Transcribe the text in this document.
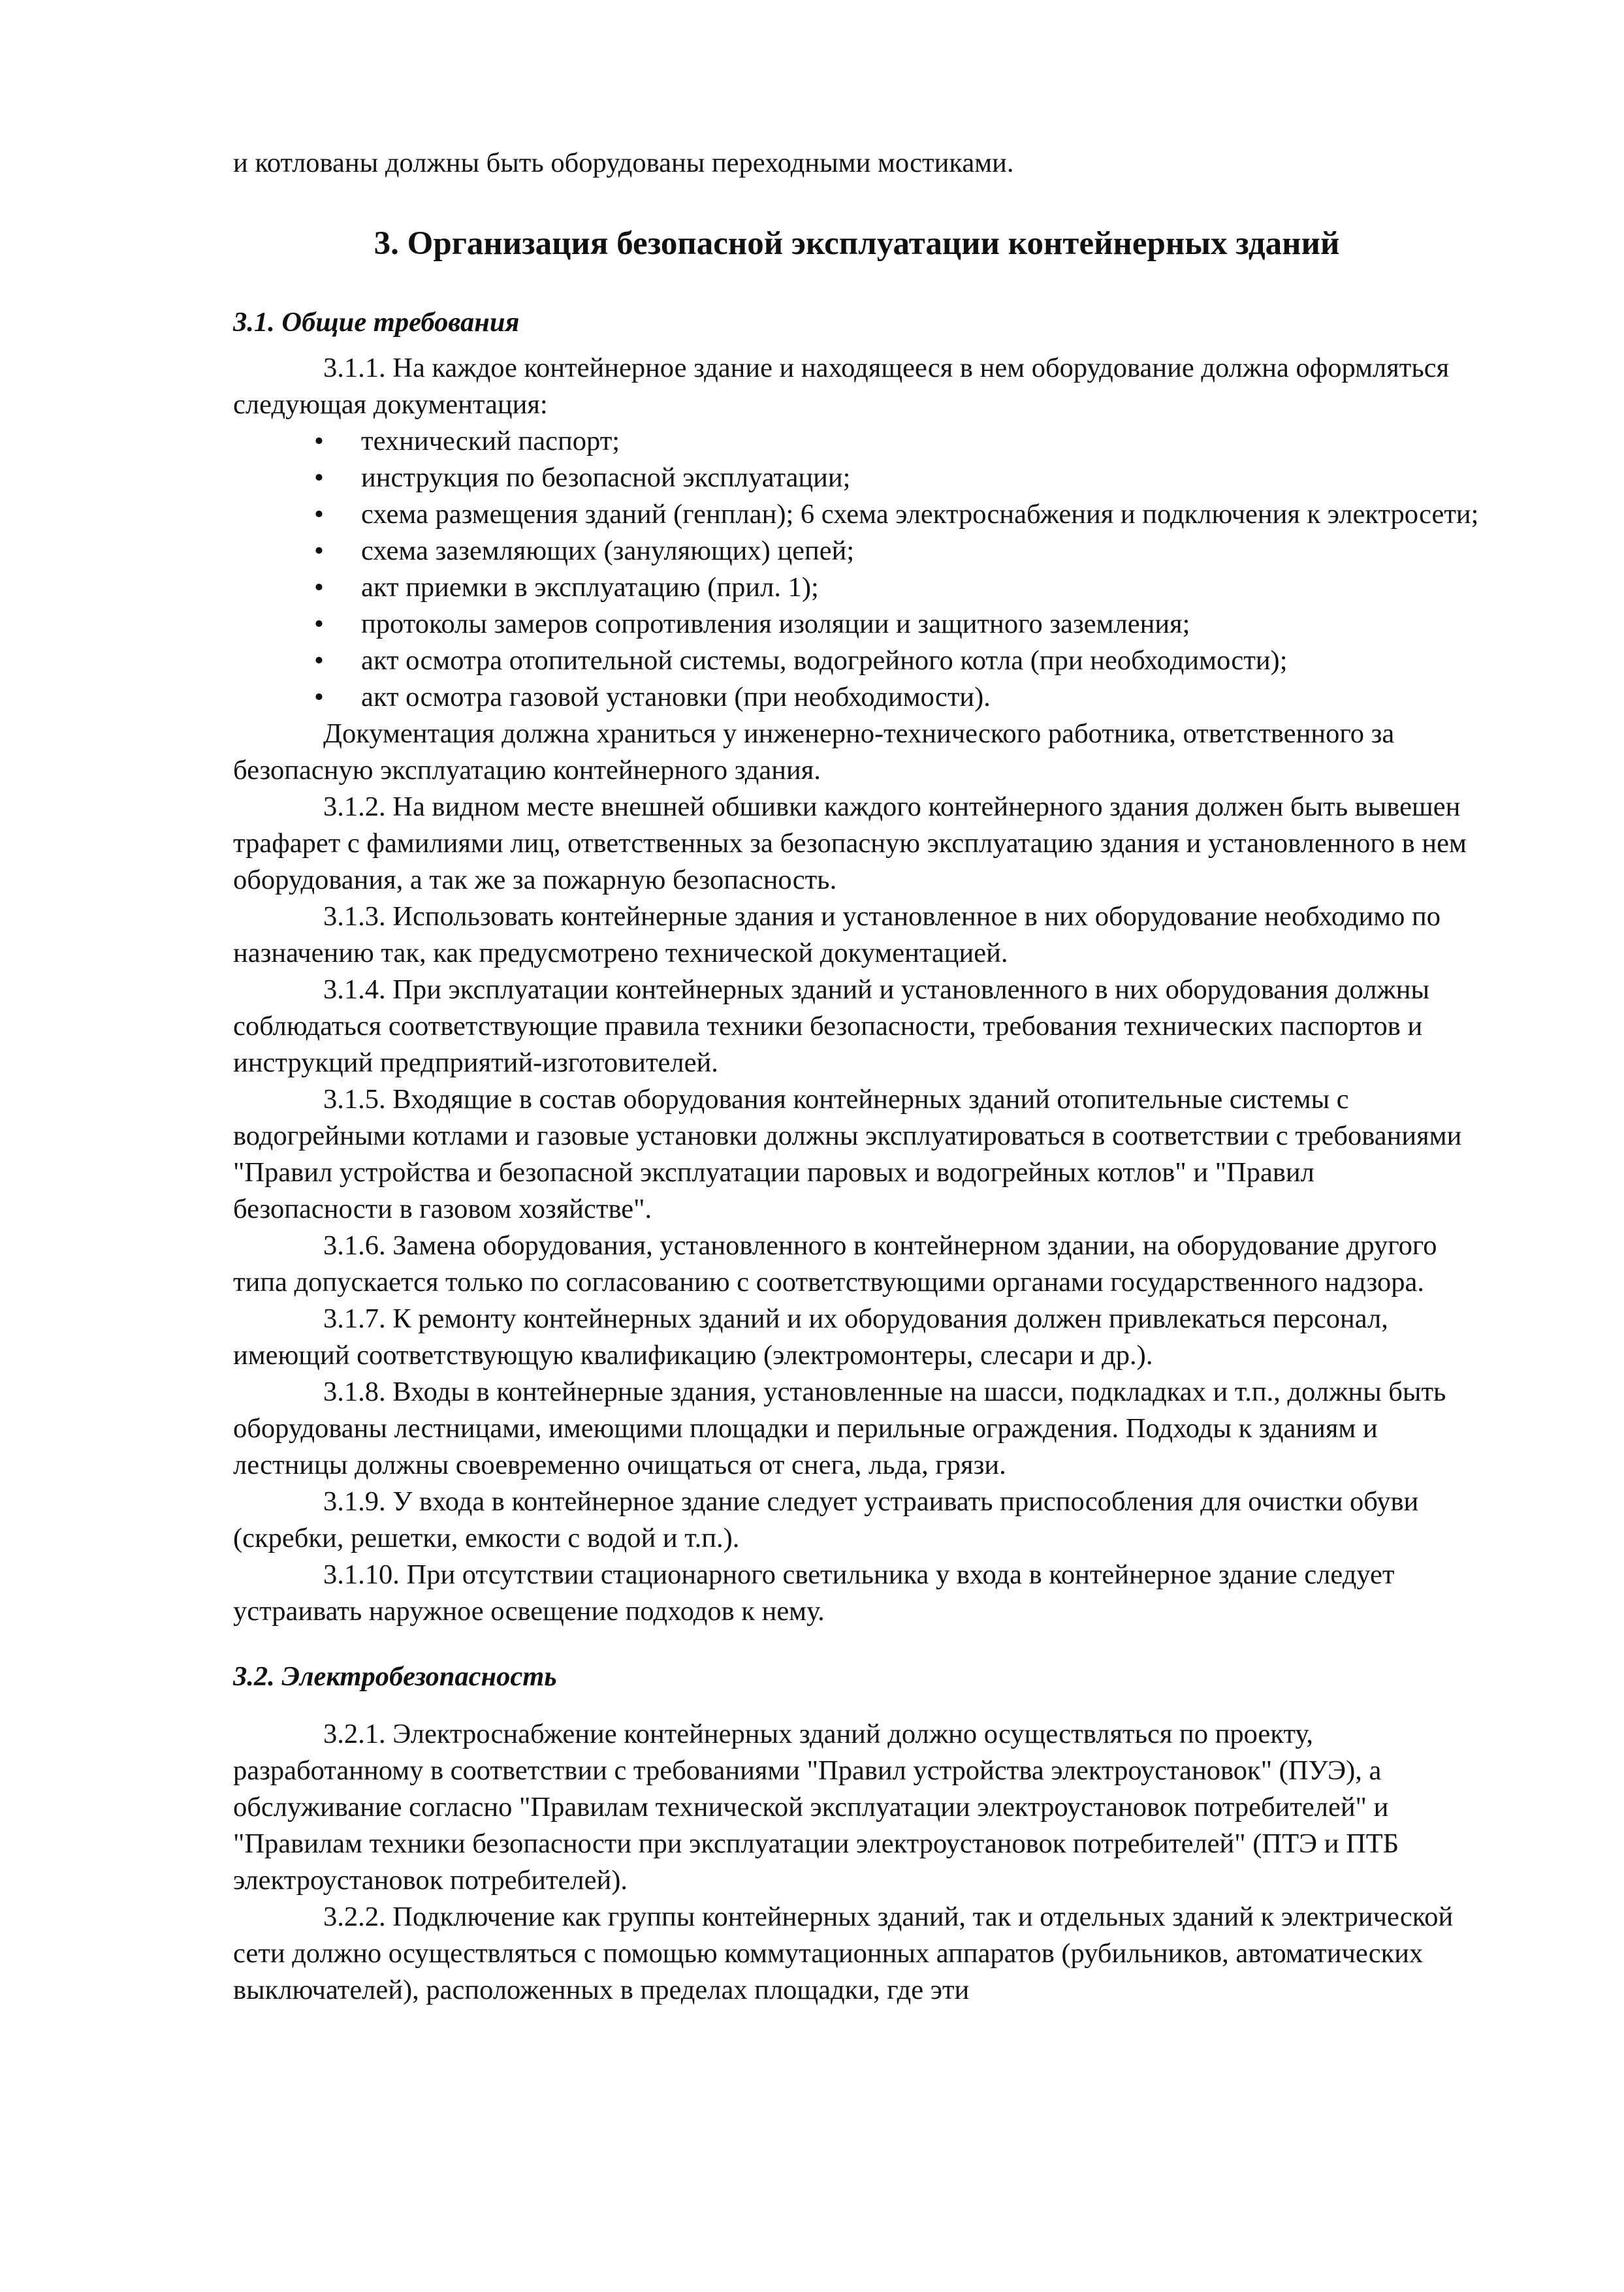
и котлованы должны быть оборудованы переходными мостиками.

3. Организация безопасной эксплуатации контейнерных зданий
3.1. Общие требования

3.1.1. На каждое контейнерное здание и находящееся в нем оборудование должна оформляться следующая документация:

• технический паспорт;
• инструкция по безопасной эксплуатации;
• схема размещения зданий (генплан); 6 схема электроснабжения и подключения к электросети;
• схема заземляющих (зануляющих) цепей;
• акт приемки в эксплуатацию (прил. 1);
• протоколы замеров сопротивления изоляции и защитного заземления;
• акт осмотра отопительной системы, водогрейного котла (при необходимости);
• акт осмотра газовой установки (при необходимости).

Документация должна храниться у инженерно-технического работника, ответственного за безопасную эксплуатацию контейнерного здания.

3.1.2. На видном месте внешней обшивки каждого контейнерного здания должен быть вывешен трафарет с фамилиями лиц, ответственных за безопасную эксплуатацию здания и установленного в нем оборудования, а так же за пожарную безопасность.

3.1.3. Использовать контейнерные здания и установленное в них оборудование необходимо по назначению так, как предусмотрено технической документацией.

3.1.4. При эксплуатации контейнерных зданий и установленного в них оборудования должны соблюдаться соответствующие правила техники безопасности, требования технических паспортов и инструкций предприятий-изготовителей.

3.1.5. Входящие в состав оборудования контейнерных зданий отопительные системы с водогрейными котлами и газовые установки должны эксплуатироваться в соответствии с требованиями "Правил устройства и безопасной эксплуатации паровых и водогрейных котлов" и "Правил безопасности в газовом хозяйстве".

3.1.6. Замена оборудования, установленного в контейнерном здании, на оборудование другого типа допускается только по согласованию с соответствующими органами государственного надзора.

3.1.7. К ремонту контейнерных зданий и их оборудования должен привлекаться персонал, имеющий соответствующую квалификацию (электромонтеры, слесари и др.).

3.1.8. Входы в контейнерные здания, установленные на шасси, подкладках и т.п., должны быть оборудованы лестницами, имеющими площадки и перильные ограждения. Подходы к зданиям и лестницы должны своевременно очищаться от снега, льда, грязи.

3.1.9. У входа в контейнерное здание следует устраивать приспособления для очистки обуви (скребки, решетки, емкости с водой и т.п.).

3.1.10. При отсутствии стационарного светильника у входа в контейнерное здание следует устраивать наружное освещение подходов к нему.

3.2. Электробезопасность

3.2.1. Электроснабжение контейнерных зданий должно осуществляться по проекту, разработанному в соответствии с требованиями "Правил устройства электроустановок" (ПУЭ), а обслуживание согласно "Правилам технической эксплуатации электроустановок потребителей" и "Правилам техники безопасности при эксплуатации электроустановок потребителей" (ПТЭ и ПТБ электроустановок потребителей).

3.2.2. Подключение как группы контейнерных зданий, так и отдельных зданий к электрической сети должно осуществляться с помощью коммутационных аппаратов (рубильников, автоматических выключателей), расположенных в пределах площадки, где эти
